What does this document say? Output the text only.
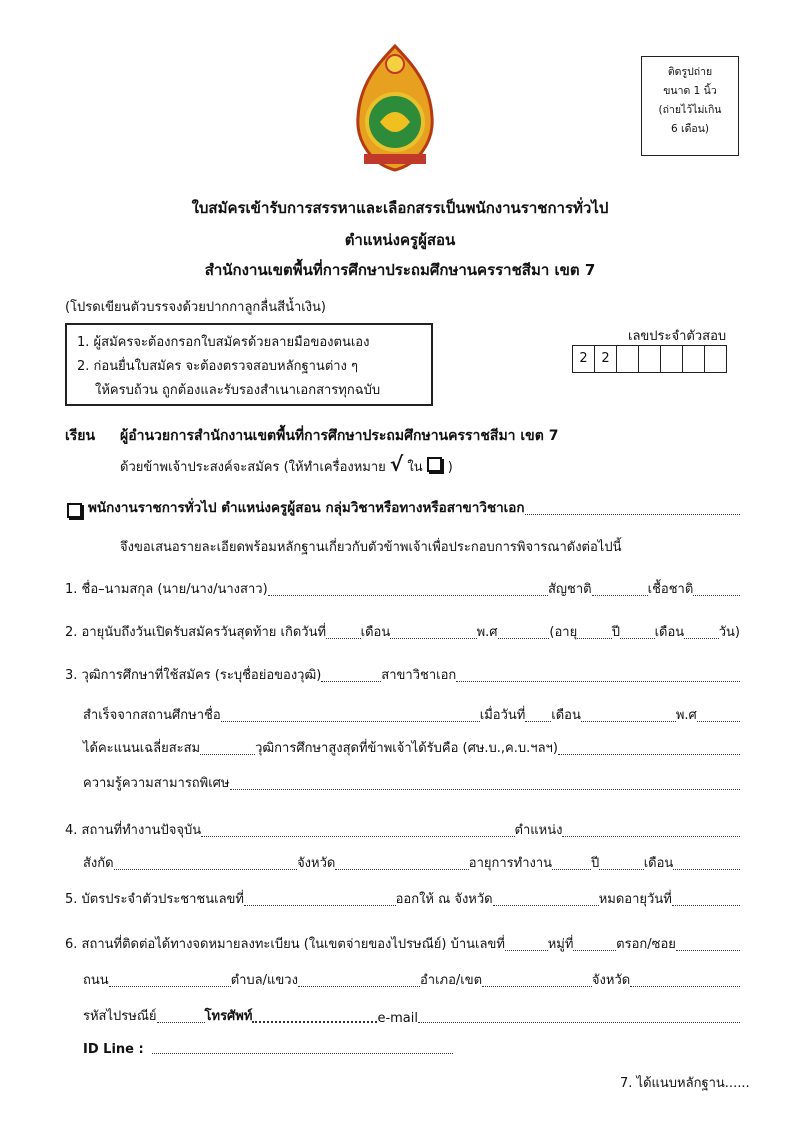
ติดรูปถ่าย
ขนาด 1 นิ้ว
(ถ่ายไว้ไม่เกิน
6 เดือน)
ใบสมัครเข้ารับการสรรหาและเลือกสรรเป็นพนักงานราชการทั่วไป
ตำแหน่งครูผู้สอน
สำนักงานเขตพื้นที่การศึกษาประถมศึกษานครราชสีมา เขต 7
(โปรดเขียนตัวบรรจงด้วยปากกาลูกลื่นสีน้ำเงิน)
1. ผู้สมัครจะต้องกรอกใบสมัครด้วยลายมือของตนเอง
2. ก่อนยื่นใบสมัคร จะต้องตรวจสอบหลักฐานต่าง ๆ
ให้ครบถ้วน ถูกต้องและรับรองสำเนาเอกสารทุกฉบับ
เลขประจำตัวสอบ
2	2
เรียน ผู้อำนวยการสำนักงานเขตพื้นที่การศึกษาประถมศึกษานครราชสีมา เขต 7
ด้วยข้าพเจ้าประสงค์จะสมัคร (ให้ทำเครื่องหมาย √ ใน )
พนักงานราชการทั่วไป ตำแหน่งครูผู้สอน กลุ่มวิชาหรือทางหรือสาขาวิชาเอก
จึงขอเสนอรายละเอียดพร้อมหลักฐานเกี่ยวกับตัวข้าพเจ้าเพื่อประกอบการพิจารณาดังต่อไปนี้
1. ชื่อ–นามสกุล (นาย/นาง/นางสาว)	สัญชาติ	เชื้อชาติ
2. อายุนับถึงวันเปิดรับสมัครวันสุดท้าย เกิดวันที่	เดือน	พ.ศ	(อายุ	ปี	เดือน	วัน)
3. วุฒิการศึกษาที่ใช้สมัคร (ระบุชื่อย่อของวุฒิ)	สาขาวิชาเอก
สำเร็จจากสถานศึกษาชื่อ	เมื่อวันที่ เดือน	พ.ศ
ได้คะแนนเฉลี่ยสะสม	วุฒิการศึกษาสูงสุดที่ข้าพเจ้าได้รับคือ (ศษ.บ.,ค.บ.ฯลฯ)
ความรู้ความสามารถพิเศษ
4. สถานที่ทำงานปัจจุบัน	ตำแหน่ง
สังกัด	จังหวัด	อายุการทำงาน	ปี	เดือน
5. บัตรประจำตัวประชาชนเลขที่	ออกให้ ณ จังหวัด	หมดอายุวันที่
6. สถานที่ติดต่อได้ทางจดหมายลงทะเบียน (ในเขตจ่ายของไปรษณีย์) บ้านเลขที่	หมู่ที่	ตรอก/ซอย
ถนน	ตำบล/แขวง	อำเภอ/เขต	จังหวัด
รหัสไปรษณีย์	โทรศัพท์	e-mail
ID Line :
7. ได้แนบหลักฐาน......
